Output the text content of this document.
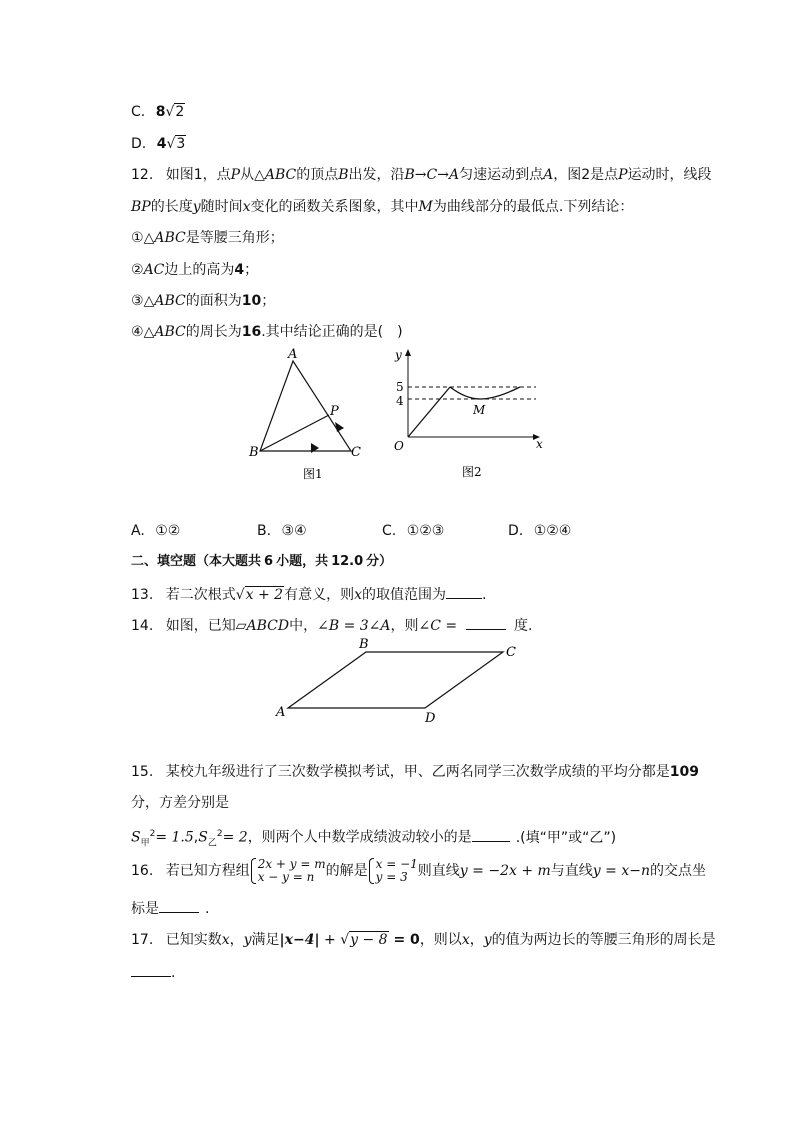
C. 8√2
D. 4√3
12. 如图1，点P从△ABC的顶点B出发，沿B→C→A匀速运动到点A，图2是点P运动时，线段
BP的长度y随时间x变化的函数关系图象，其中M为曲线部分的最低点.下列结论：
①△ABC是等腰三角形；
②AC边上的高为4；
③△ABC的面积为10；
④△ABC的周长为16.其中结论正确的是(　)
A
B	C
P
图1
y
x
O
M
5
4
图2
A. ①②	B. ③④	C. ①②③	D. ①②④
二、填空题（本大题共 6 小题，共 12.0 分）
13. 若二次根式√x + 2有意义，则x的取值范围为	.
14. 如图，已知▱ABCD中，∠B = 3∠A，则∠C =	度.
A
B
C
D
15. 某校九年级进行了三次数学模拟考试，甲、乙两名同学三次数学成绩的平均分都是109
分，方差分别是
$S_甲^2= 1.5,S_乙^2= 2$，则两个人中数学成绩波动较小的是	.(填“甲”或“乙”)
16. 若已知方程组 2x + y = m
x − y = n 的解是 x = −1
y = 3 则直线y = −2x + m与直线y = x−n的交点坐
标是	.
17. 已知实数x，y满足|x−4| + √y − 8 = 0，则以x，y的值为两边长的等腰三角形的周长是
.
